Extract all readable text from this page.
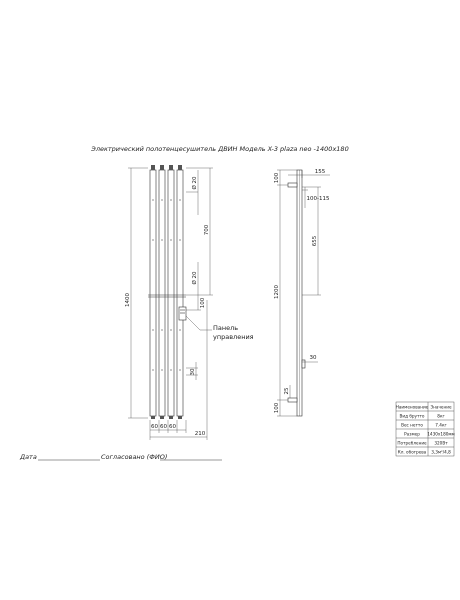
Электрический полотенцесушитель ДВИН Модель X-3 plaza neo -1400х180
1400
Ø 20
700
Ø 20
100
30
60 60 60
210
Панель
управления
100
155
100-115
655
1200
30
25
100	Наименование Значение
Вид брутто	8кг
Вес нетто	7.4кг
Размер 1430х180мм
Потребление 320Вт
Кл. обогрева 3,3м²/4,8
Дата	Согласовано (ФИО)
